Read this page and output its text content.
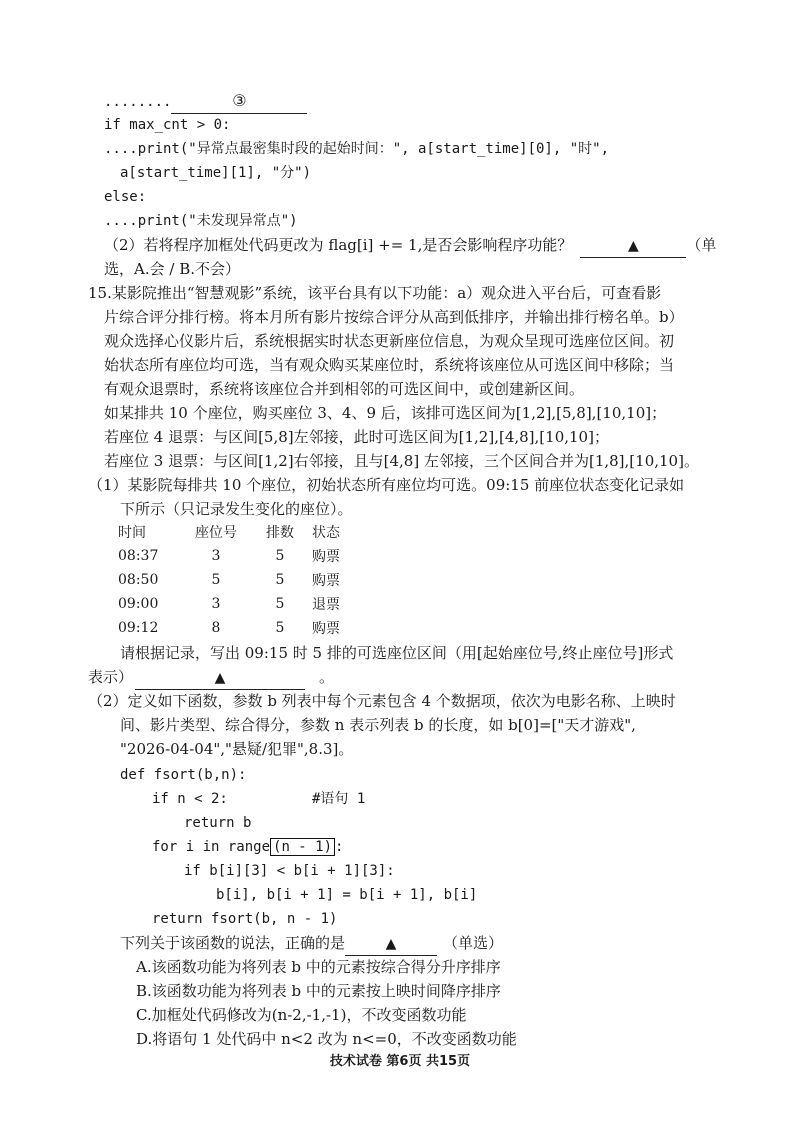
........	③
if max_cnt > 0:
....print("异常点最密集时段的起始时间：", a[start_time][0], "时",
a[start_time][1], "分")
else:
....print("未发现异常点")
（2）若将程序加框处代码更改为 flag[i] += 1,是否会影响程序功能？	▲	（单
选，A.会 / B.不会）
15.某影院推出“智慧观影”系统，该平台具有以下功能：a）观众进入平台后，可查看影
片综合评分排行榜。将本月所有影片按综合评分从高到低排序，并输出排行榜名单。b）
观众选择心仪影片后，系统根据实时状态更新座位信息，为观众呈现可选座位区间。初
始状态所有座位均可选，当有观众购买某座位时，系统将该座位从可选区间中移除；当
有观众退票时，系统将该座位合并到相邻的可选区间中，或创建新区间。
如某排共 10 个座位，购买座位 3、4、9 后，该排可选区间为[1,2],[5,8],[10,10]；
若座位 4 退票：与区间[5,8]左邻接，此时可选区间为[1,2],[4,8],[10,10]；
若座位 3 退票：与区间[1,2]右邻接，且与[4,8] 左邻接，三个区间合并为[1,8],[10,10]。
（1）某影院每排共 10 个座位，初始状态所有座位均可选。09:15 前座位状态变化记录如
下所示（只记录发生变化的座位）。
时间	座位号	排数	状态
08:37	3	5	购票
08:50	5	5	购票
09:00	3	5	退票
09:12	8	5	购票
请根据记录，写出 09:15 时 5 排的可选座位区间（用[起始座位号,终止座位号]形式
表示）	▲	。
（2）定义如下函数，参数 b 列表中每个元素包含 4 个数据项，依次为电影名称、上映时
间、影片类型、综合得分，参数 n 表示列表 b 的长度，如 b[0]=["天才游戏",
"2026-04-04","悬疑/犯罪",8.3]。
def fsort(b,n):
if n < 2:	#语句 1
return b
for i in range (n - 1) :
if b[i][3] < b[i + 1][3]:
b[i], b[i + 1] = b[i + 1], b[i]
return fsort(b, n - 1)
下列关于该函数的说法，正确的是	▲	（单选）
A.该函数功能为将列表 b 中的元素按综合得分升序排序
B.该函数功能为将列表 b 中的元素按上映时间降序排序
C.加框处代码修改为(n-2,-1,-1)，不改变函数功能
D.将语句 1 处代码中 n<2 改为 n<=0，不改变函数功能
技术试卷 第6页 共15页
